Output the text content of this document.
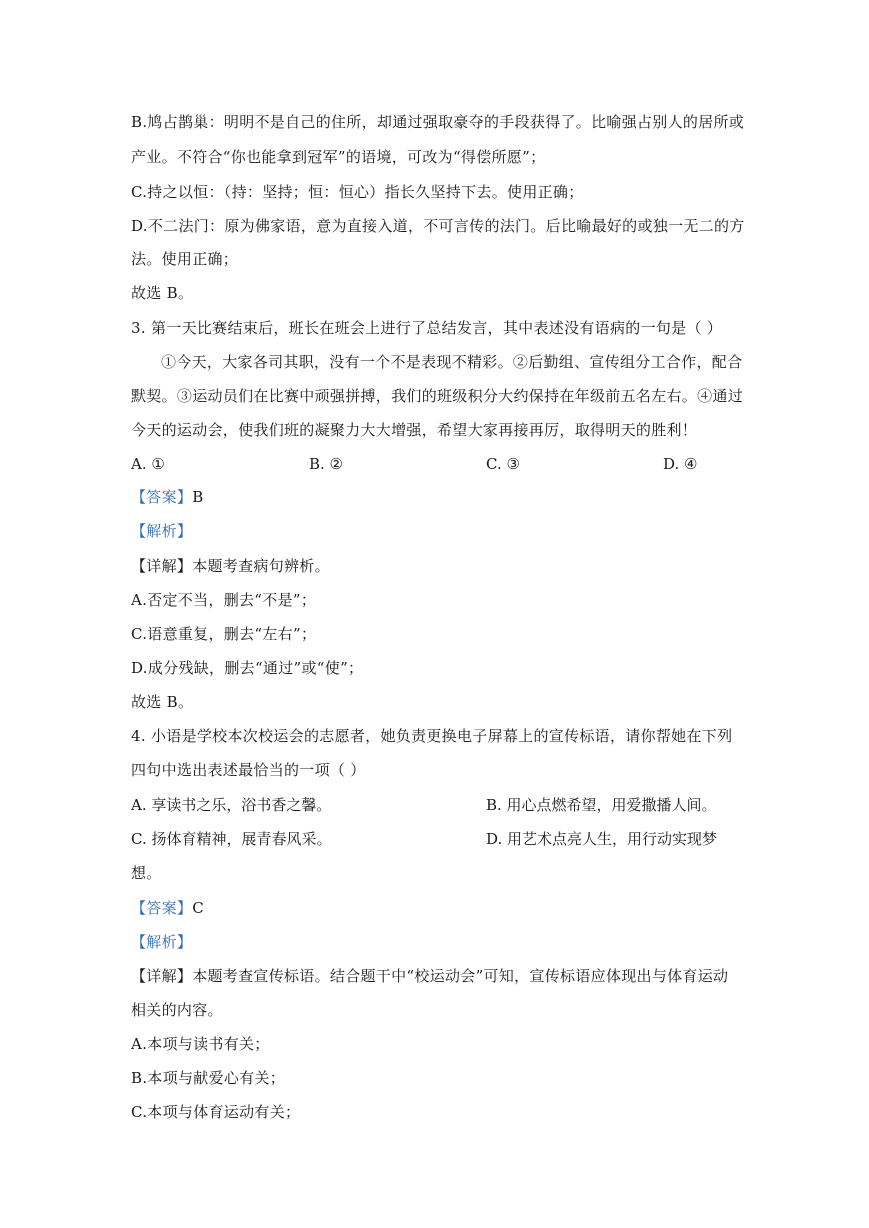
B.鸠占鹊巢：明明不是自己的住所，却通过强取豪夺的手段获得了。比喻强占别人的居所或
产业。不符合“你也能拿到冠军”的语境，可改为“得偿所愿”；
C.持之以恒：（持：坚持；恒：恒心）指长久坚持下去。使用正确；
D.不二法门：原为佛家语，意为直接入道，不可言传的法门。后比喻最好的或独一无二的方
法。使用正确；
故选 B。
3. 第一天比赛结束后，班长在班会上进行了总结发言，其中表述没有语病的一句是（ ）
①今天，大家各司其职，没有一个不是表现不精彩。②后勤组、宣传组分工合作，配合
默契。③运动员们在比赛中顽强拼搏，我们的班级积分大约保持在年级前五名左右。④通过
今天的运动会，使我们班的凝聚力大大增强，希望大家再接再厉，取得明天的胜利！
A. ①	B. ②	C. ③	D. ④
【答案】B
【解析】
【详解】本题考查病句辨析。
A.否定不当，删去“不是”；
C.语意重复，删去“左右”；
D.成分残缺，删去“通过”或“使”；
故选 B。
4. 小语是学校本次校运会的志愿者，她负责更换电子屏幕上的宣传标语，请你帮她在下列
四句中选出表述最恰当的一项（ ）
A. 享读书之乐，浴书香之馨。	B. 用心点燃希望，用爱撒播人间。
C. 扬体育精神，展青春风采。	D. 用艺术点亮人生，用行动实现梦
想。
【答案】C
【解析】
【详解】本题考查宣传标语。结合题干中“校运动会”可知，宣传标语应体现出与体育运动
相关的内容。
A.本项与读书有关；
B.本项与献爱心有关；
C.本项与体育运动有关；
